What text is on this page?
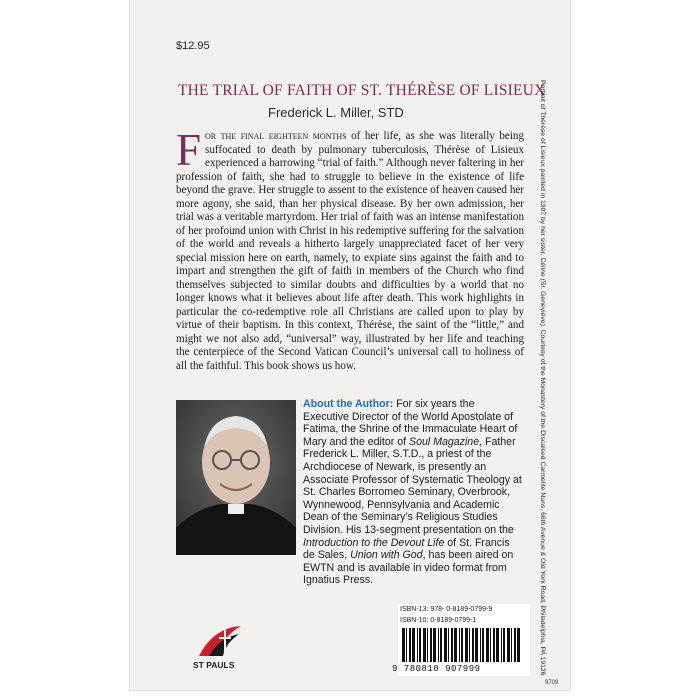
$12.95
THE TRIAL OF FAITH OF ST. THÉRÈSE OF LISIEUX
Frederick L. Miller, STD
For the final eighteen months of her life, as she was literally being suffocated to death by pulmonary tuberculosis, Thérèse of Lisieux experienced a harrowing “trial of faith.” Although never faltering in her profession of faith, she had to struggle to believe in the existence of life beyond the grave. Her struggle to assent to the existence of heaven caused her more agony, she said, than her physical disease. By her own admission, her trial was a veritable martyrdom. Her trial of faith was an intense manifestation of her profound union with Christ in his redemptive suffering for the salvation of the world and reveals a hitherto largely unappreciated facet of her very special mission here on earth, namely, to expiate sins against the faith and to impart and strengthen the gift of faith in members of the Church who find themselves subjected to similar doubts and difficulties by a world that no longer knows what it believes about life after death. This work highlights in particular the co-redemptive role all Christians are called upon to play by virtue of their baptism. In this context, Thérèse, the saint of the “little,” and might we not also add, “universal” way, illustrated by her life and teaching the centerpiece of the Second Vatican Council’s universal call to holiness of all the faithful. This book shows us how.
About the Author: For six years the Executive Director of the World Apostolate of Fatima, the Shrine of the Immaculate Heart of Mary and the editor of Soul Magazine, Father Frederick L. Miller, S.T.D., a priest of the Archdiocese of Newark, is presently an Associate Professor of Systematic Theology at St. Charles Borromeo Seminary, Overbrook, Wynnewood, Pennsylvania and Academic Dean of the Seminary’s Religious Studies Division. His 13-segment presentation on the Introduction to the Devout Life of St. Francis de Sales, Union with God, has been aired on EWTN and is available in video format from Ignatius Press.	Portrait of Thérèse of Lisieux painted in 1907 by her sister, Céline (Sr. Geneviève). Courtesy of the Monastery of the Discalced Carmelite Nuns, 66th Avenue & Old York Road, Philadelphia, PA 19126
ST PAULS
ISBN-13: 978- 0-8189-0799-9
ISBN-10: 0-8189-0799-1
9 780818 907999
9709
